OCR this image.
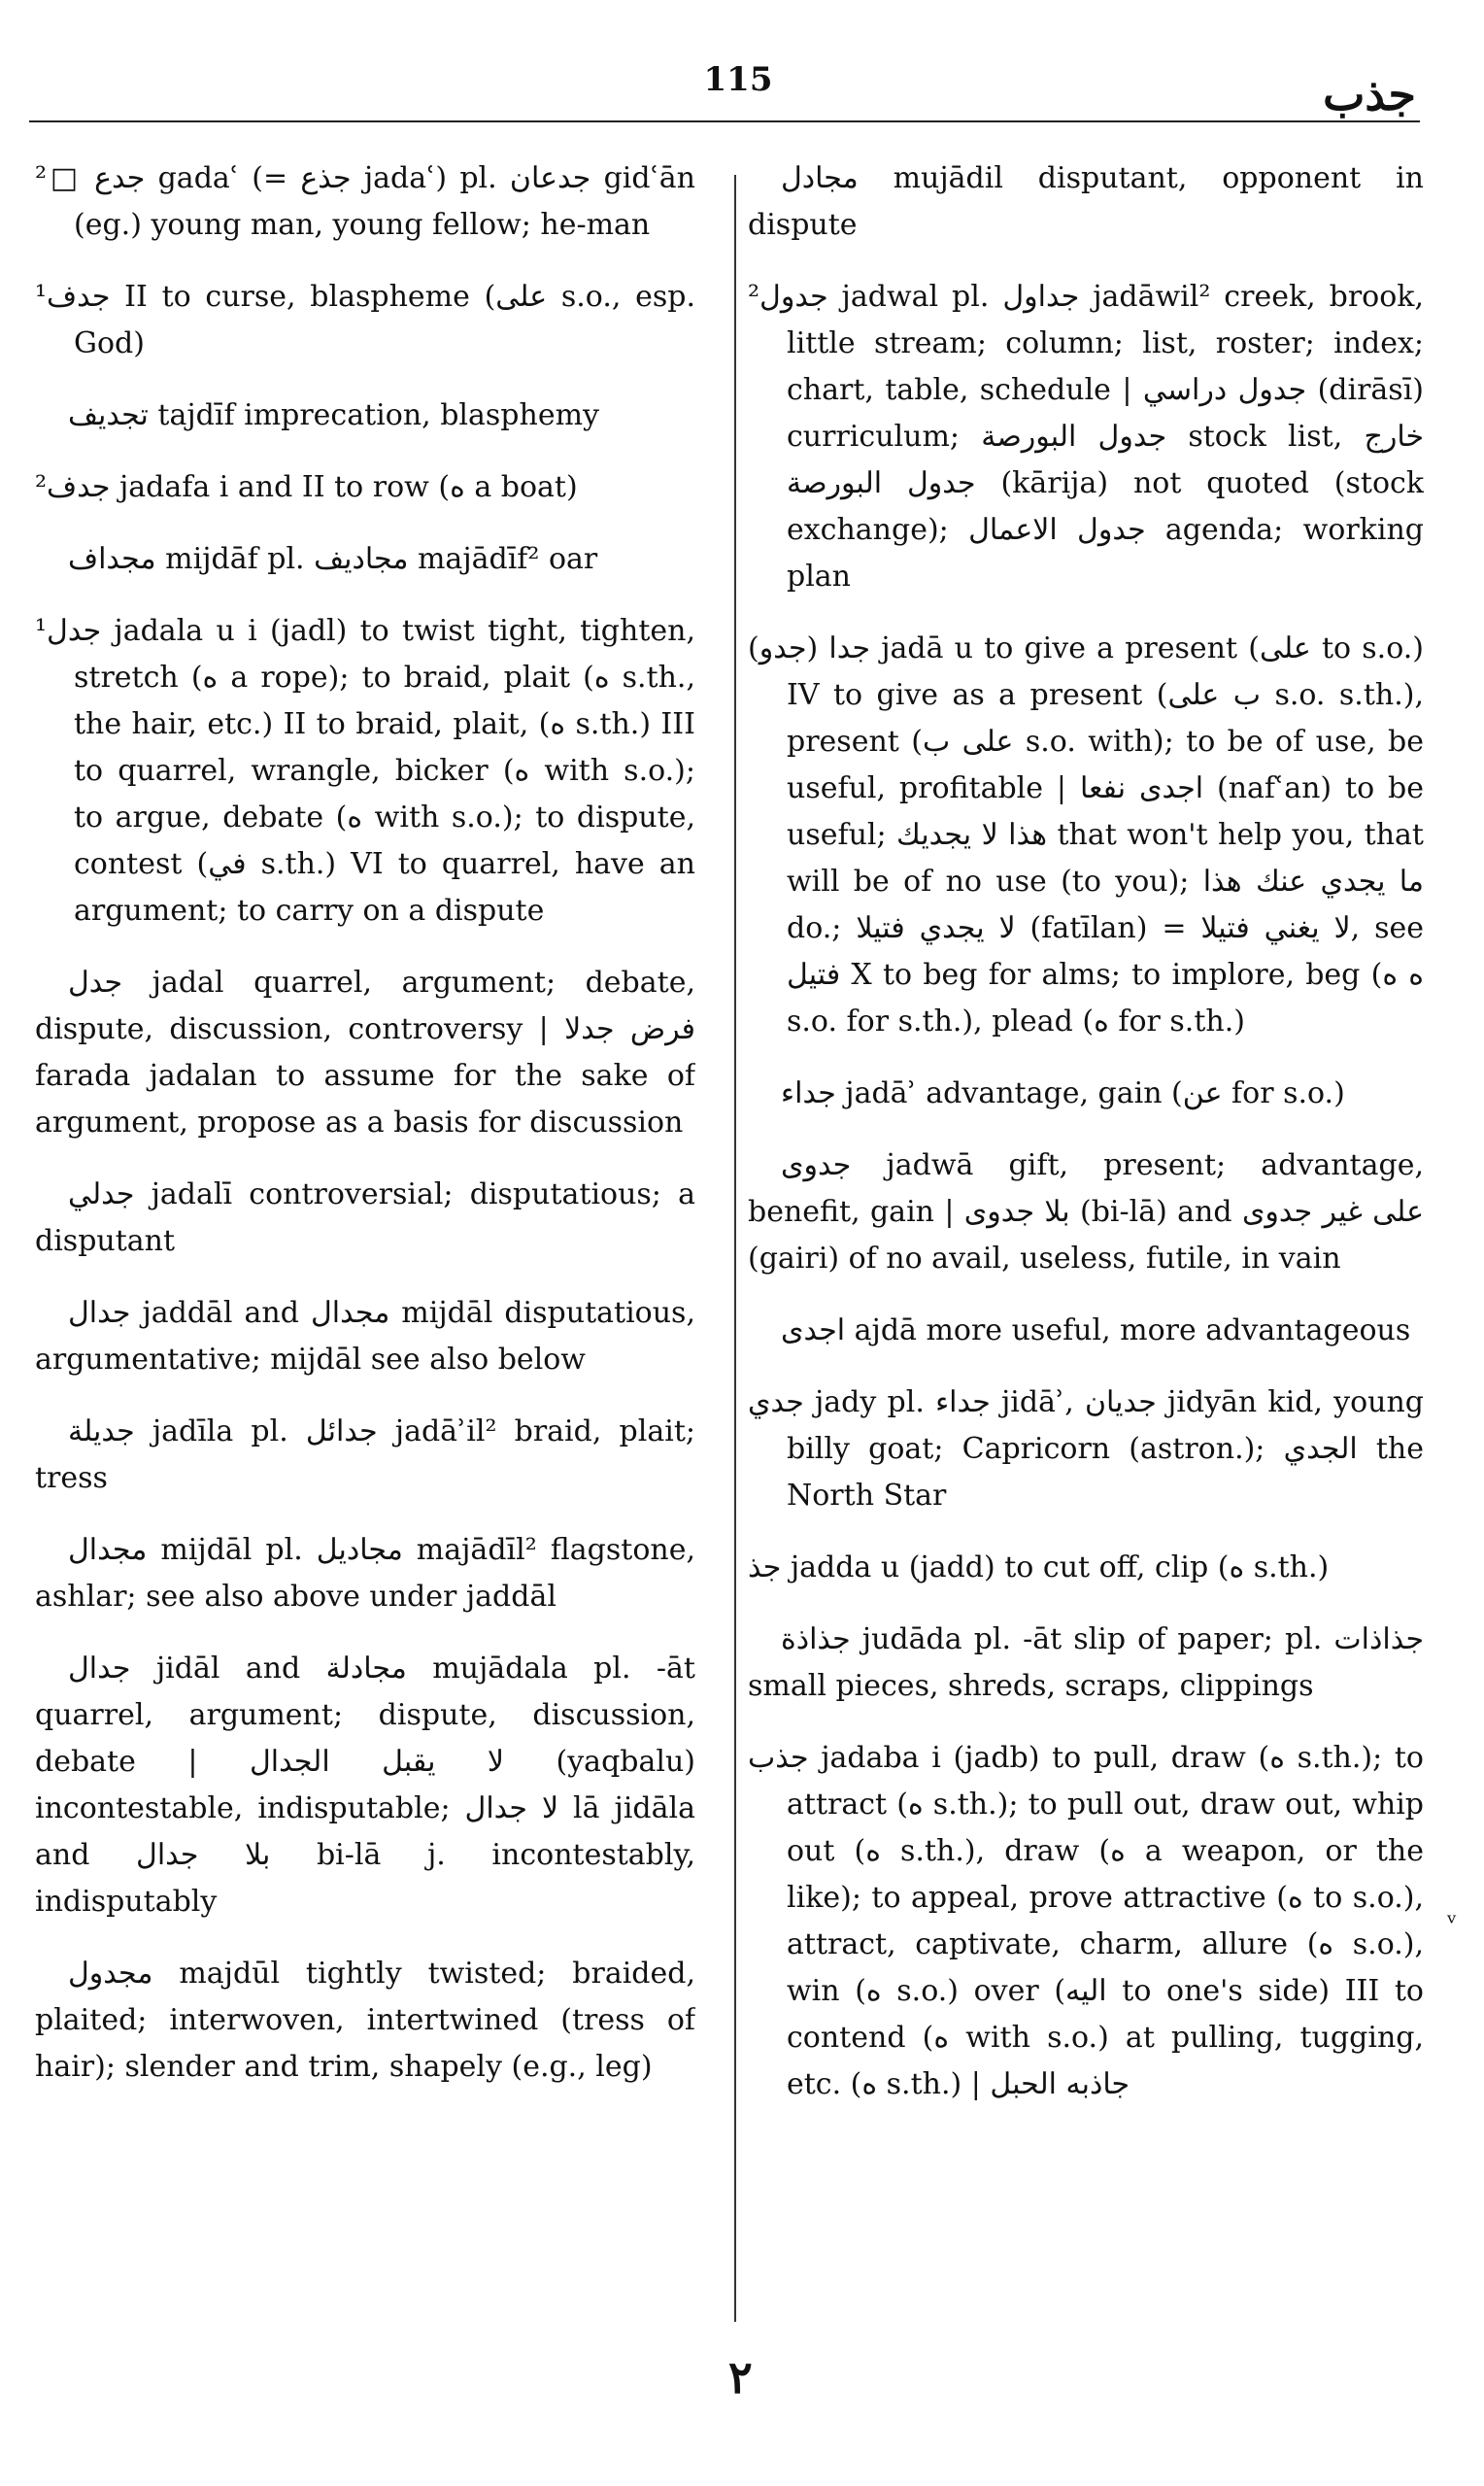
115	جذب

²□ جدع gadaʿ (= جذع jadaʿ) pl. جدعان gidʿān (eg.) young man, young fellow; he-man

¹جدف II to curse, blaspheme (على s.o., esp. God)

تجديف tajdīf imprecation, blasphemy

²جدف jadafa i and II to row (ه a boat)

مجداف mijdāf pl. مجاديف majādīf² oar

¹جدل jadala u i (jadl) to twist tight, tighten, stretch (ه a rope); to braid, plait (ه s.th., the hair, etc.) II to braid, plait, (ه s.th.) III to quarrel, wrangle, bicker (ه with s.o.); to argue, debate (ه with s.o.); to dispute, contest (في s.th.) VI to quarrel, have an argument; to carry on a dispute

جدل jadal quarrel, argument; debate, dispute, discussion, controversy | فرض جدلا farada jadalan to assume for the sake of argument, propose as a basis for discussion

جدلي jadalī controversial; disputatious; a disputant

جدال jaddāl and مجدال mijdāl disputatious, argumentative; mijdāl see also below

جديلة jadīla pl. جدائل jadāʾil² braid, plait; tress

مجدال mijdāl pl. مجاديل majādīl² flagstone, ashlar; see also above under jaddāl

جدال jidāl and مجادلة mujādala pl. -āt quarrel, argument; dispute, discussion, debate | لا يقبل الجدال (yaqbalu) incontestable, indisputable; لا جدال lā jidāla and بلا جدال bi-lā j. incontestably, indisputably

مجدول majdūl tightly twisted; braided, plaited; interwoven, intertwined (tress of hair); slender and trim, shapely (e.g., leg)

مجادل mujādil disputant, opponent in dispute

²جدول jadwal pl. جداول jadāwil² creek, brook, little stream; column; list, roster; index; chart, table, schedule | جدول دراسي (dirāsī) curriculum; جدول البورصة stock list, خارج جدول البورصة (kārija) not quoted (stock exchange); جدول الاعمال agenda; working plan

(جدو) جدا jadā u to give a present (على to s.o.) IV to give as a present (ب على s.o. s.th.), present (على ب s.o. with); to be of use, be useful, profitable | اجدى نفعا (nafʿan) to be useful; هذا لا يجديك that won't help you, that will be of no use (to you); ما يجدي عنك هذا do.; لا يجدي فتيلا (fatīlan) = لا يغني فتيلا, see فتيل X to beg for alms; to implore, beg (ه ه s.o. for s.th.), plead (ه for s.th.)

جداء jadāʾ advantage, gain (عن for s.o.)

جدوى jadwā gift, present; advantage, benefit, gain | بلا جدوى (bi-lā) and على غير جدوى (gairi) of no avail, useless, futile, in vain

اجدى ajdā more useful, more advantageous

جدي jady pl. جداء jidāʾ, جديان jidyān kid, young billy goat; Capricorn (astron.); الجدي the North Star

جذ jadda u (jadd) to cut off, clip (ه s.th.)

جذاذة judāda pl. -āt slip of paper; pl. جذاذات small pieces, shreds, scraps, clippings

جذب jadaba i (jadb) to pull, draw (ه s.th.); to attract (ه s.th.); to pull out, draw out, whip out (ه s.th.), draw (ه a weapon, or the like); to appeal, prove attractive (ه to s.o.), attract, captivate, charm, allure (ه s.o.), win (ه s.o.) over (اليه to one's side) III to contend (ه with s.o.) at pulling, tugging, etc. (ه s.th.) | جاذبه الحبل

٢
ᵛ
